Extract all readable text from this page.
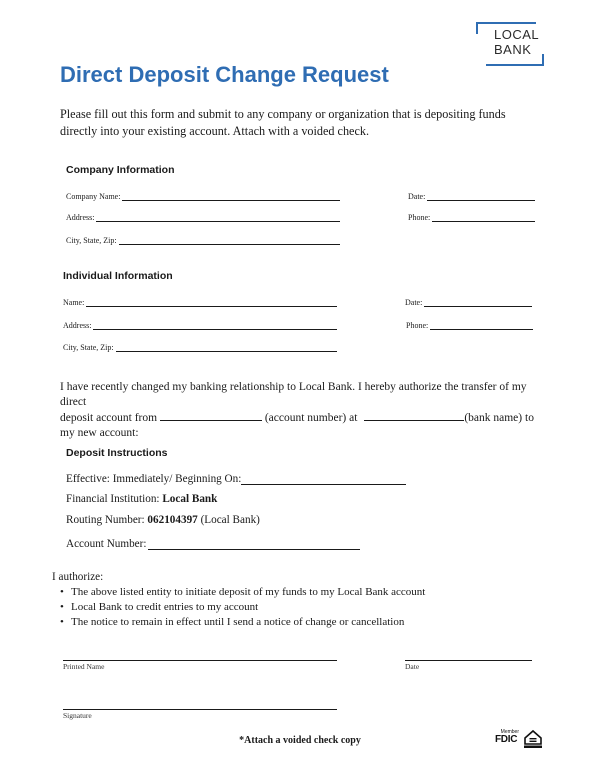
LOCAL
BANK
Direct Deposit Change Request
Please fill out this form and submit to any company or organization that is depositing funds directly into your existing account. Attach with a voided check.
Company Information
Company Name:	Date:
Address:	Phone:
City, State, Zip:
Individual Information
Name:	Date:
Address:	Phone:
City, State, Zip:
I have recently changed my banking relationship to Local Bank. I hereby authorize the transfer of my direct
deposit account from	(account number) at	(bank name) to
my new account:
Deposit Instructions
Effective: Immediately/ Beginning On:
Financial Institution: Local Bank
Routing Number: 062104397 (Local Bank)
Account Number:
I authorize:
• The above listed entity to initiate deposit of my funds to my Local Bank account
• Local Bank to credit entries to my account
• The notice to remain in effect until I send a notice of change or cancellation
Printed Name	Date
Signature
*Attach a voided check copy
Member
FDIC
